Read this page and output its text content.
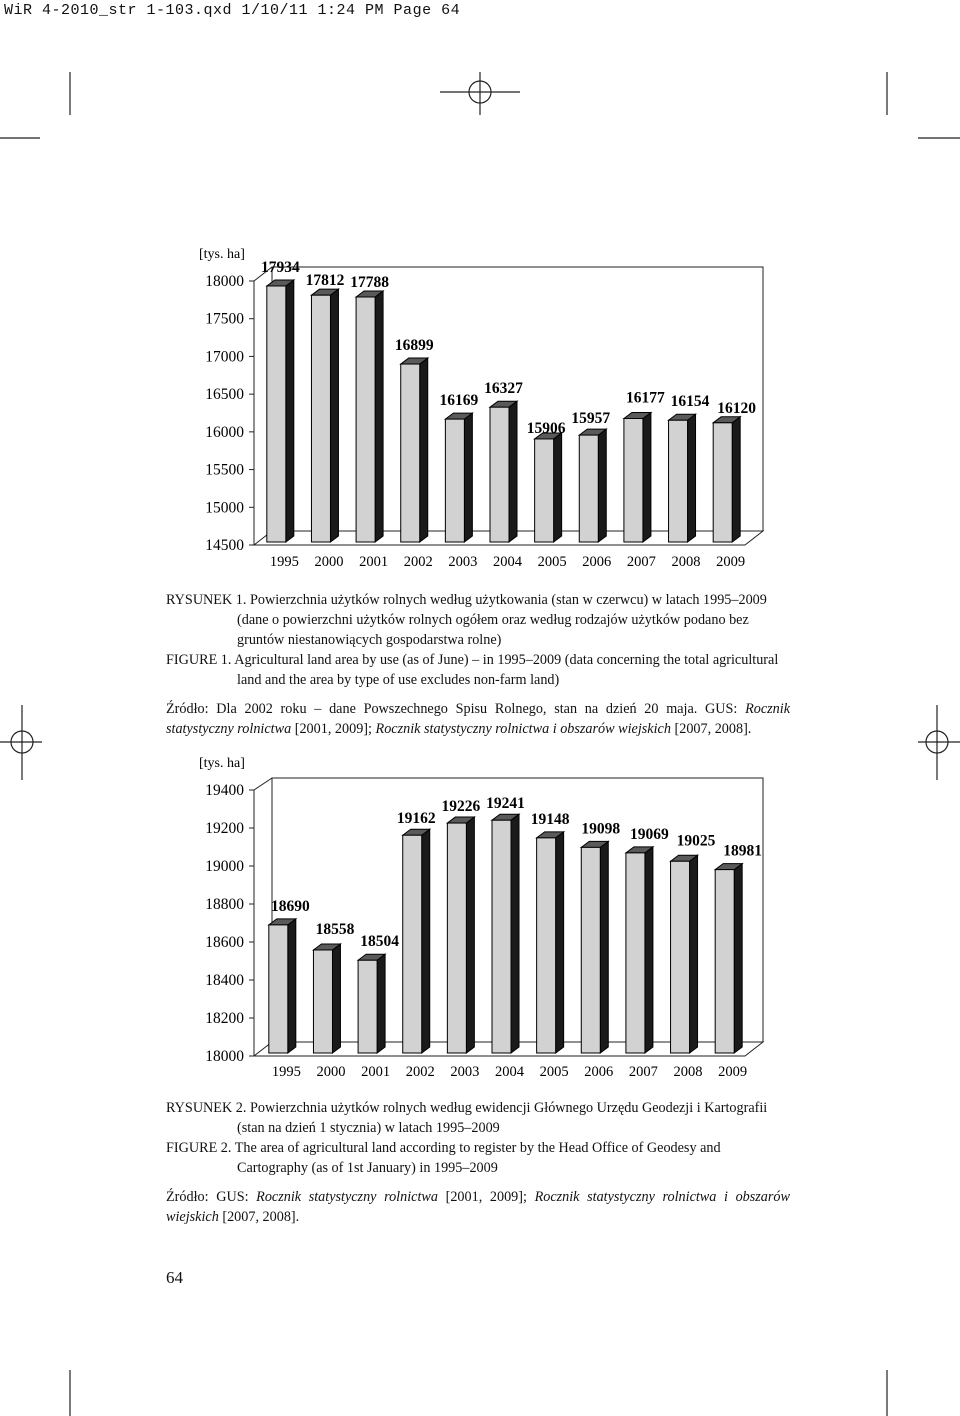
WiR 4-2010_str 1-103.qxd 1/10/11 1:24 PM Page 64
[tys. ha]
18000
17500
17000
16500
16000
15500
15000
14500
17934
1995
17812
2000
17788
2001
16899
2002
16169
2003
16327
2004
15906
2005
15957
2006
16177
2007
16154
2008
16120
2009

RYSUNEK 1. Powierzchnia użytków rolnych według użytkowania (stan w czerwcu) w latach 1995–2009 (dane o powierzchni użytków rolnych ogółem oraz według rodzajów użytków podano bez gruntów niestanowiących gospodarstwa rolne)

FIGURE 1. Agricultural land area by use (as of June) – in 1995–2009 (data concerning the total agricultural land and the area by type of use excludes non-farm land)

Źródło: Dla 2002 roku – dane Powszechnego Spisu Rolnego, stan na dzień 20 maja. GUS: Rocznik statystyczny rolnictwa [2001, 2009]; Rocznik statystyczny rolnictwa i obszarów wiejskich [2007, 2008].

[tys. ha]
19400
19200
19000
18800
18600
18400
18200
18000
18690
1995
18558
2000
18504
2001
19162
2002
19226
2003
19241
2004
19148
2005
19098
2006
19069
2007
19025
2008
18981
2009

RYSUNEK 2. Powierzchnia użytków rolnych według ewidencji Głównego Urzędu Geodezji i Kartografii (stan na dzień 1 stycznia) w latach 1995–2009

FIGURE 2. The area of agricultural land according to register by the Head Office of Geodesy and Cartography (as of 1st January) in 1995–2009

Źródło: GUS: Rocznik statystyczny rolnictwa [2001, 2009]; Rocznik statystyczny rolnictwa i obszarów wiejskich [2007, 2008].

64
